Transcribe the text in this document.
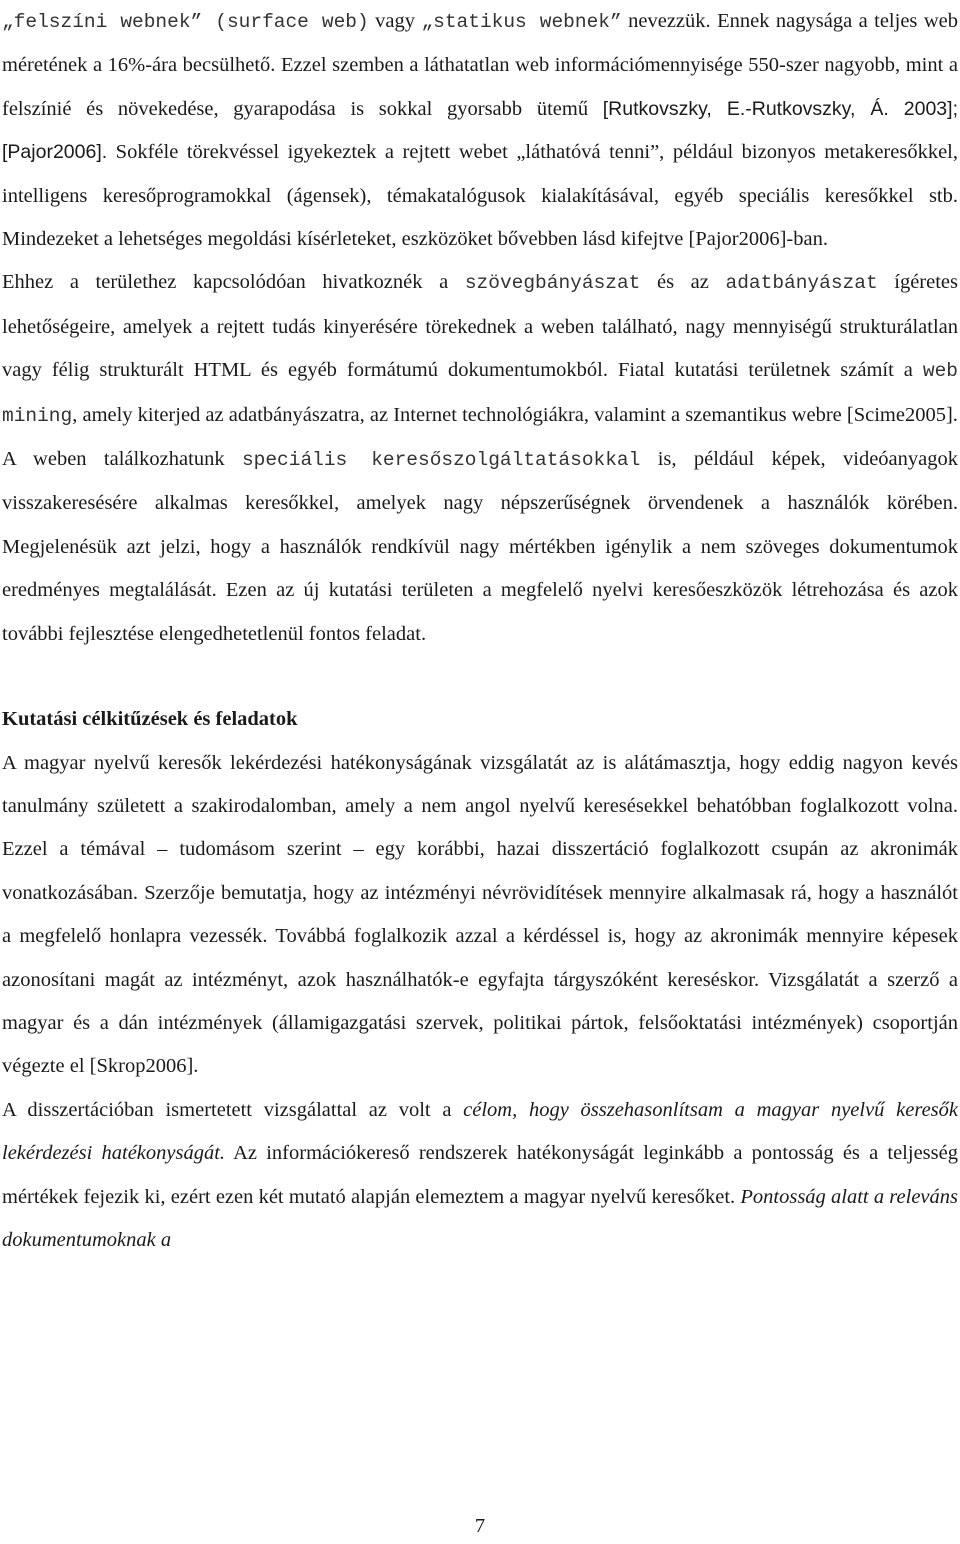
„felszíni webnek” (surface web) vagy „statikus webnek” nevezzük. Ennek nagysága a teljes web méretének a 16%-ára becsülhető. Ezzel szemben a láthatatlan web információmennyisége 550-szer nagyobb, mint a felszínié és növekedése, gyarapodása is sokkal gyorsabb ütemű [Rutkovszky, E.-Rutkovszky, Á. 2003]; [Pajor2006]. Sokféle törekvéssel igyekeztek a rejtett webet „láthatóvá tenni”, például bizonyos metakeresőkkel, intelligens keresőprogramokkal (ágensek), témakatalógusok kialakításával, egyéb speciális keresőkkel stb. Mindezeket a lehetséges megoldási kísérleteket, eszközöket bővebben lásd kifejtve [Pajor2006]-ban.

Ehhez a területhez kapcsolódóan hivatkoznék a szövegbányászat és az adatbányászat ígéretes lehetőségeire, amelyek a rejtett tudás kinyerésére törekednek a weben található, nagy mennyiségű strukturálatlan vagy félig strukturált HTML és egyéb formátumú dokumentumokból. Fiatal kutatási területnek számít a web mining, amely kiterjed az adatbányászatra, az Internet technológiákra, valamint a szemantikus webre [Scime2005].

A weben találkozhatunk speciális keresőszolgáltatásokkal is, például képek, videóanyagok visszakeresésére alkalmas keresőkkel, amelyek nagy népszerűségnek örvendenek a használók körében. Megjelenésük azt jelzi, hogy a használók rendkívül nagy mértékben igénylik a nem szöveges dokumentumok eredményes megtalálását. Ezen az új kutatási területen a megfelelő nyelvi keresőeszközök létrehozása és azok további fejlesztése elengedhetetlenül fontos feladat.

Kutatási célkitűzések és feladatok

A magyar nyelvű keresők lekérdezési hatékonyságának vizsgálatát az is alátámasztja, hogy eddig nagyon kevés tanulmány született a szakirodalomban, amely a nem angol nyelvű keresésekkel behatóbban foglalkozott volna. Ezzel a témával – tudomásom szerint – egy korábbi, hazai disszertáció foglalkozott csupán az akronimák vonatkozásában. Szerzője bemutatja, hogy az intézményi névrövidítések mennyire alkalmasak rá, hogy a használót a megfelelő honlapra vezessék. Továbbá foglalkozik azzal a kérdéssel is, hogy az akronimák mennyire képesek azonosítani magát az intézményt, azok használhatók-e egyfajta tárgyszóként kereséskor. Vizsgálatát a szerző a magyar és a dán intézmények (államigazgatási szervek, politikai pártok, felsőoktatási intézmények) csoportján végezte el [Skrop2006].

A disszertációban ismertetett vizsgálattal az volt a célom, hogy összehasonlítsam a magyar nyelvű keresők lekérdezési hatékonyságát. Az információkereső rendszerek hatékonyságát leginkább a pontosság és a teljesség mértékek fejezik ki, ezért ezen két mutató alapján elemeztem a magyar nyelvű keresőket. Pontosság alatt a releváns dokumentumoknak a

7
